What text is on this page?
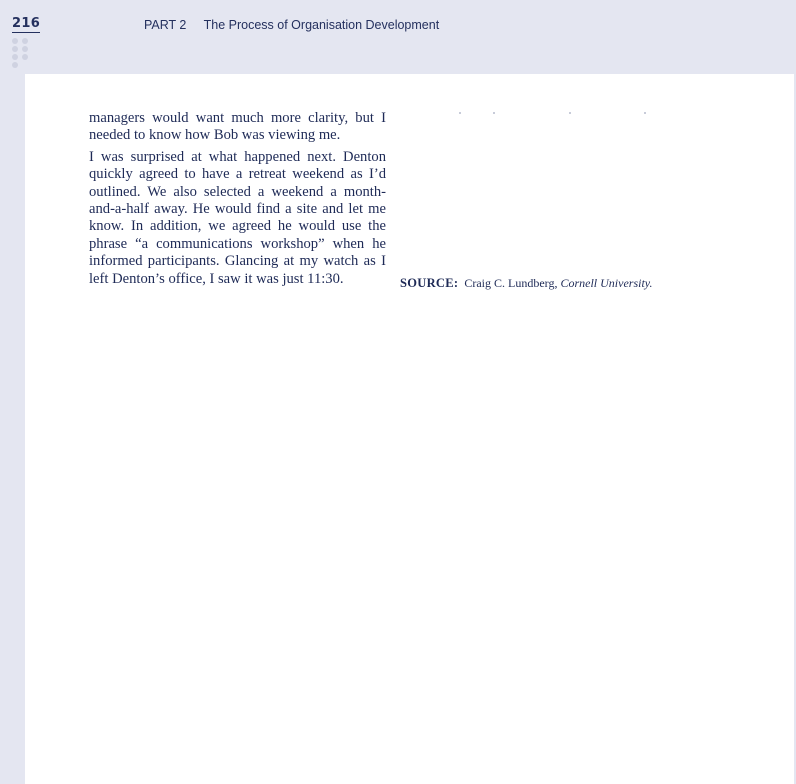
216	PART 2 The Process of Organisation Development

managers would want much more clarity, but I needed to know how Bob was viewing me.

I was surprised at what happened next. Denton quickly agreed to have a retreat weekend as I’d outlined. We also selected a weekend a month-and-a-half away. He would find a site and let me know. In addition, we agreed he would use the phrase “a communications workshop” when he informed participants. Glancing at my watch as I left Denton’s office, I saw it was just 11:30.	SOURCE: Craig C. Lundberg, Cornell University.
